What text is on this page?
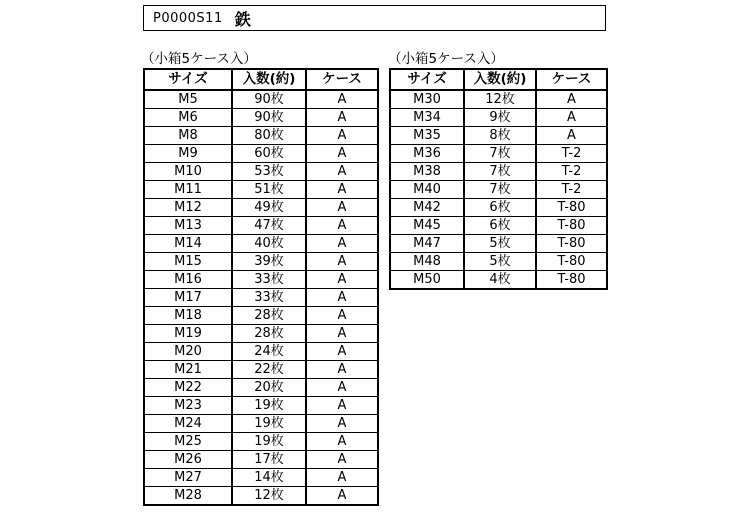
P0000S11 鉄
（小箱5ケース入）
サイズ	入数(約)	ケース
M5	90枚	A
M6	90枚	A
M8	80枚	A
M9	60枚	A
M10	53枚	A
M11	51枚	A
M12	49枚	A
M13	47枚	A
M14	40枚	A
M15	39枚	A
M16	33枚	A
M17	33枚	A
M18	28枚	A
M19	28枚	A
M20	24枚	A
M21	22枚	A
M22	20枚	A
M23	19枚	A
M24	19枚	A
M25	19枚	A
M26	17枚	A
M27	14枚	A
M28	12枚	A
（小箱5ケース入）
サイズ	入数(約)	ケース
M30	12枚	A
M34	9枚	A
M35	8枚	A
M36	7枚	T-2
M38	7枚	T-2
M40	7枚	T-2
M42	6枚	T-80
M45	6枚	T-80
M47	5枚	T-80
M48	5枚	T-80
M50	4枚	T-80
